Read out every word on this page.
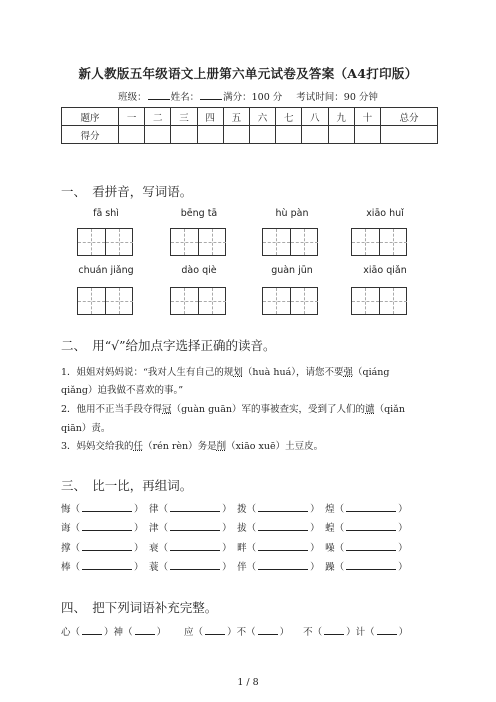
新人教版五年级语文上册第六单元试卷及答案（A4打印版）
班级：	姓名：	满分：100 分 考试时间：90 分钟
题序	一	二	三	四	五	六	七	八	九	十	总分
得分											
一、　看拼音，写词语。
fā shì	bēng tā	hù pàn	xiāo huǐ
chuán jiǎng	dào qiè	guàn jūn	xiāo qiǎn
二、　用“√”给加点字选择正确的读音。
1．姐姐对妈妈说：“我对人生有自己的规划（huà huá），请您不要强（qiáng
qiǎng）迫我做不喜欢的事。”
2．他用不正当手段夺得冠（guàn guān）军的事被查实，受到了人们的谴（qiǎn
qiān）责。
3．妈妈交给我的任（rén rèn）务是削（xiāo xuē）土豆皮。
三、　比一比，再组词。
悔（	） 律（	） 拨（	） 煌（	）
诲（	） 津（	） 拔（	） 蝗（	）
撑（	） 衰（	） 畔（	） 噪（	）
棒（	） 蓑（	） 伴（	） 躁（	）
四、　把下列词语补充完整。
心（	）神（	） 应（	）不（	） 不（	）计（	）
1 / 8
